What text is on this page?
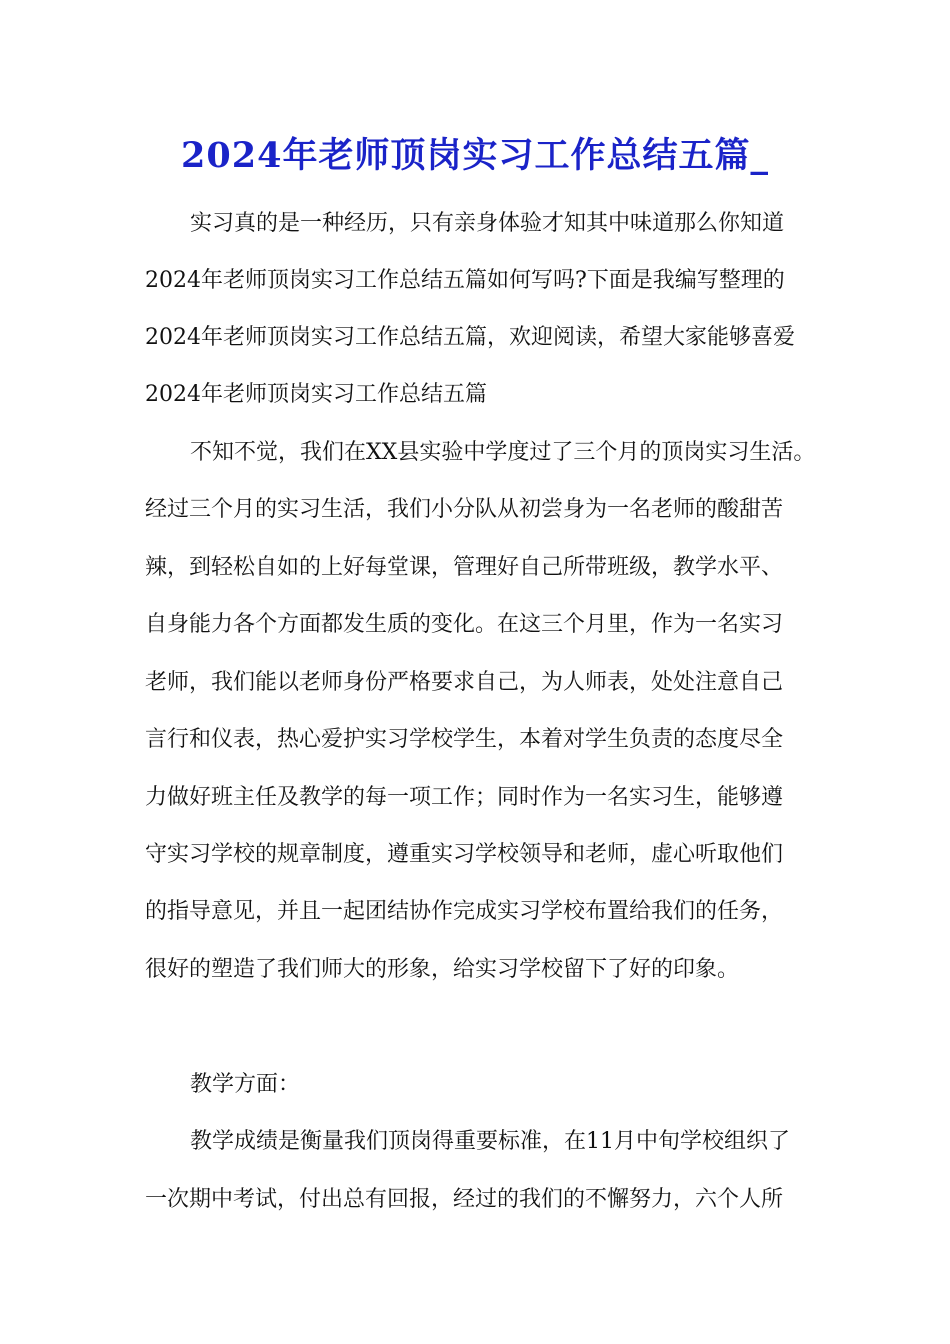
2024年老师顶岗实习工作总结五篇_

实习真的是一种经历，只有亲身体验才知其中味道那么你知道

2024年老师顶岗实习工作总结五篇如何写吗?下面是我编写整理的

2024年老师顶岗实习工作总结五篇，欢迎阅读，希望大家能够喜爱

2024年老师顶岗实习工作总结五篇

不知不觉，我们在XX县实验中学度过了三个月的顶岗实习生活。

经过三个月的实习生活，我们小分队从初尝身为一名老师的酸甜苦

辣，到轻松自如的上好每堂课，管理好自己所带班级，教学水平、

自身能力各个方面都发生质的变化。在这三个月里，作为一名实习

老师，我们能以老师身份严格要求自己，为人师表，处处注意自己

言行和仪表，热心爱护实习学校学生，本着对学生负责的态度尽全

力做好班主任及教学的每一项工作；同时作为一名实习生，能够遵

守实习学校的规章制度，遵重实习学校领导和老师，虚心听取他们

的指导意见，并且一起团结协作完成实习学校布置给我们的任务，

很好的塑造了我们师大的形象，给实习学校留下了好的印象。

教学方面：

教学成绩是衡量我们顶岗得重要标准，在11月中旬学校组织了

一次期中考试，付出总有回报，经过的我们的不懈努力，六个人所
